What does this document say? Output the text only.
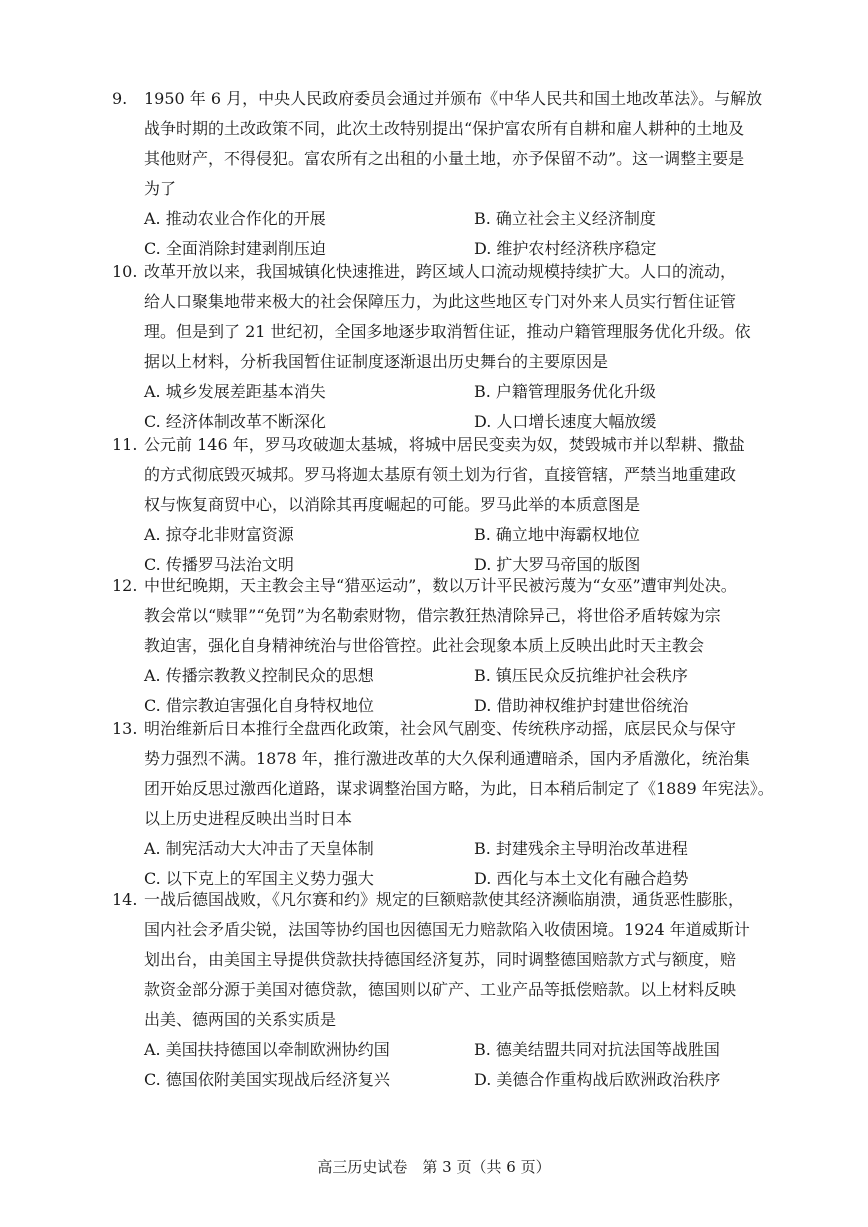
9. 1950 年 6 月，中央人民政府委员会通过并颁布《中华人民共和国土地改革法》。与解放
战争时期的土改政策不同，此次土改特别提出“保护富农所有自耕和雇人耕种的土地及
其他财产，不得侵犯。富农所有之出租的小量土地，亦予保留不动”。这一调整主要是
为了
A. 推动农业合作化的开展	B. 确立社会主义经济制度
C. 全面消除封建剥削压迫	D. 维护农村经济秩序稳定
10. 改革开放以来，我国城镇化快速推进，跨区域人口流动规模持续扩大。人口的流动，
给人口聚集地带来极大的社会保障压力，为此这些地区专门对外来人员实行暂住证管
理。但是到了 21 世纪初，全国多地逐步取消暂住证，推动户籍管理服务优化升级。依
据以上材料，分析我国暂住证制度逐渐退出历史舞台的主要原因是
A. 城乡发展差距基本消失	B. 户籍管理服务优化升级
C. 经济体制改革不断深化	D. 人口增长速度大幅放缓
11. 公元前 146 年，罗马攻破迦太基城，将城中居民变卖为奴，焚毁城市并以犁耕、撒盐
的方式彻底毁灭城邦。罗马将迦太基原有领土划为行省，直接管辖，严禁当地重建政
权与恢复商贸中心，以消除其再度崛起的可能。罗马此举的本质意图是
A. 掠夺北非财富资源	B. 确立地中海霸权地位
C. 传播罗马法治文明	D. 扩大罗马帝国的版图
12. 中世纪晚期，天主教会主导“猎巫运动”，数以万计平民被污蔑为“女巫”遭审判处决。
教会常以“赎罪”“免罚”为名勒索财物，借宗教狂热清除异己，将世俗矛盾转嫁为宗
教迫害，强化自身精神统治与世俗管控。此社会现象本质上反映出此时天主教会
A. 传播宗教教义控制民众的思想	B. 镇压民众反抗维护社会秩序
C. 借宗教迫害强化自身特权地位	D. 借助神权维护封建世俗统治
13. 明治维新后日本推行全盘西化政策，社会风气剧变、传统秩序动摇，底层民众与保守
势力强烈不满。1878 年，推行激进改革的大久保利通遭暗杀，国内矛盾激化，统治集
团开始反思过激西化道路，谋求调整治国方略，为此，日本稍后制定了《1889 年宪法》。
以上历史进程反映出当时日本
A. 制宪活动大大冲击了天皇体制	B. 封建残余主导明治改革进程
C. 以下克上的军国主义势力强大	D. 西化与本土文化有融合趋势
14. 一战后德国战败，《凡尔赛和约》规定的巨额赔款使其经济濒临崩溃，通货恶性膨胀，
国内社会矛盾尖锐，法国等协约国也因德国无力赔款陷入收债困境。1924 年道威斯计
划出台，由美国主导提供贷款扶持德国经济复苏，同时调整德国赔款方式与额度，赔
款资金部分源于美国对德贷款，德国则以矿产、工业产品等抵偿赔款。以上材料反映
出美、德两国的关系实质是
A. 美国扶持德国以牵制欧洲协约国	B. 德美结盟共同对抗法国等战胜国
C. 德国依附美国实现战后经济复兴	D. 美德合作重构战后欧洲政治秩序
高三历史试卷　第 3 页（共 6 页）
